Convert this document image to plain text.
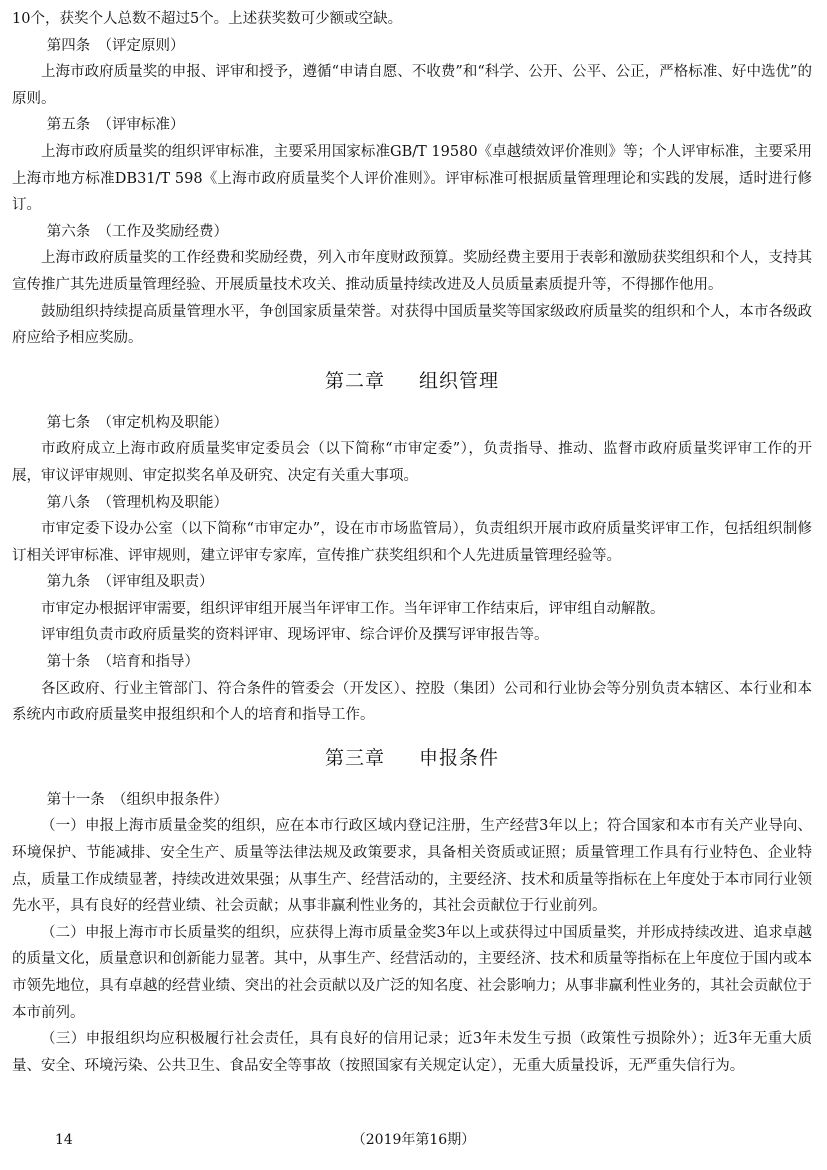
10个，获奖个人总数不超过5个。上述获奖数可少额或空缺。

第四条　（评定原则）

上海市政府质量奖的申报、评审和授予，遵循“申请自愿、不收费”和“科学、公开、公平、公正，严格标准、好中选优”的原则。

第五条　（评审标准）

上海市政府质量奖的组织评审标准，主要采用国家标准GB/T 19580《卓越绩效评价准则》等；个人评审标准，主要采用上海市地方标准DB31/T 598《上海市政府质量奖个人评价准则》。评审标准可根据质量管理理论和实践的发展，适时进行修订。

第六条　（工作及奖励经费）

上海市政府质量奖的工作经费和奖励经费，列入市年度财政预算。奖励经费主要用于表彰和激励获奖组织和个人，支持其宣传推广其先进质量管理经验、开展质量技术攻关、推动质量持续改进及人员质量素质提升等，不得挪作他用。

鼓励组织持续提高质量管理水平，争创国家质量荣誉。对获得中国质量奖等国家级政府质量奖的组织和个人，本市各级政府应给予相应奖励。

第二章 组织管理

第七条　（审定机构及职能）

市政府成立上海市政府质量奖审定委员会（以下简称“市审定委”），负责指导、推动、监督市政府质量奖评审工作的开展，审议评审规则、审定拟奖名单及研究、决定有关重大事项。

第八条　（管理机构及职能）

市审定委下设办公室（以下简称“市审定办”，设在市市场监管局），负责组织开展市政府质量奖评审工作，包括组织制修订相关评审标准、评审规则，建立评审专家库，宣传推广获奖组织和个人先进质量管理经验等。

第九条　（评审组及职责）

市审定办根据评审需要，组织评审组开展当年评审工作。当年评审工作结束后，评审组自动解散。

评审组负责市政府质量奖的资料评审、现场评审、综合评价及撰写评审报告等。

第十条　（培育和指导）

各区政府、行业主管部门、符合条件的管委会（开发区）、控股（集团）公司和行业协会等分别负责本辖区、本行业和本系统内市政府质量奖申报组织和个人的培育和指导工作。

第三章 申报条件

第十一条　（组织申报条件）

（一）申报上海市质量金奖的组织，应在本市行政区域内登记注册，生产经营3年以上；符合国家和本市有关产业导向、环境保护、节能减排、安全生产、质量等法律法规及政策要求，具备相关资质或证照；质量管理工作具有行业特色、企业特点，质量工作成绩显著，持续改进效果强；从事生产、经营活动的，主要经济、技术和质量等指标在上年度处于本市同行业领先水平，具有良好的经营业绩、社会贡献；从事非赢利性业务的，其社会贡献位于行业前列。

（二）申报上海市市长质量奖的组织，应获得上海市质量金奖3年以上或获得过中国质量奖，并形成持续改进、追求卓越的质量文化，质量意识和创新能力显著。其中，从事生产、经营活动的，主要经济、技术和质量等指标在上年度位于国内或本市领先地位，具有卓越的经营业绩、突出的社会贡献以及广泛的知名度、社会影响力；从事非赢利性业务的，其社会贡献位于本市前列。

（三）申报组织均应积极履行社会责任，具有良好的信用记录；近3年未发生亏损（政策性亏损除外）；近3年无重大质量、安全、环境污染、公共卫生、食品安全等事故（按照国家有关规定认定），无重大质量投诉，无严重失信行为。

14	（2019年第16期）
